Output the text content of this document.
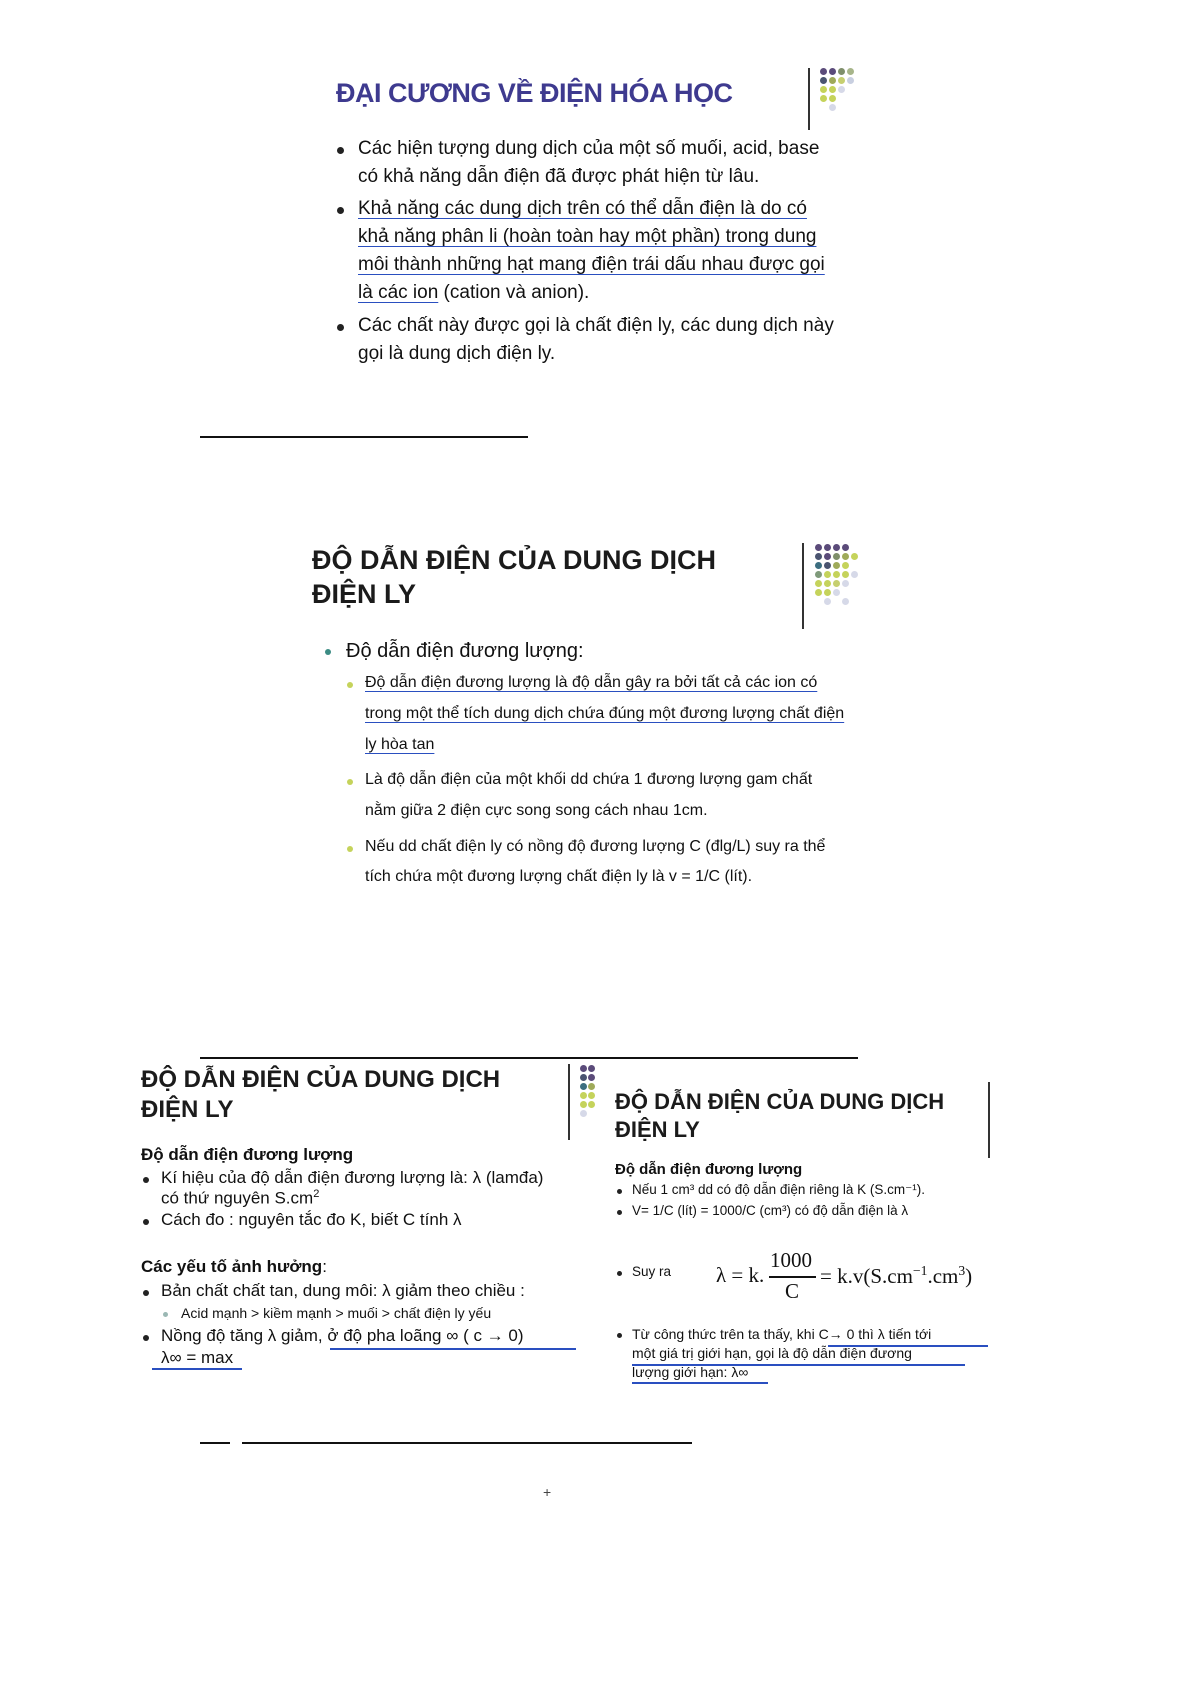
ĐẠI CƯƠNG VỀ ĐIỆN HÓA HỌC
Các hiện tượng dung dịch của một số muối, acid, base
có khả năng dẫn điện đã được phát hiện từ lâu.
Khả năng các dung dịch trên có thể dẫn điện là do có
khả năng phân li (hoàn toàn hay một phần) trong dung
môi thành những hạt mang điện trái dấu nhau được gọi
là các ion (cation và anion).
Các chất này được gọi là chất điện ly, các dung dịch này
gọi là dung dịch điện ly.
ĐỘ DẪN ĐIỆN CỦA DUNG DỊCH
ĐIỆN LY
Độ dẫn điện đương lượng:
Độ dẫn điện đương lượng là độ dẫn gây ra bởi tất cả các ion có
trong một thể tích dung dịch chứa đúng một đương lượng chất điện
ly hòa tan
Là độ dẫn điện của một khối dd chứa 1 đương lượng gam chất
nằm giữa 2 điện cực song song cách nhau 1cm.
Nếu dd chất điện ly có nồng độ đương lượng C (đlg/L) suy ra thể
tích chứa một đương lượng chất điện ly là v = 1/C (lít).
ĐỘ DẪN ĐIỆN CỦA DUNG DỊCH
ĐIỆN LY
Độ dẫn điện đương lượng
Kí hiệu của độ dẫn điện đương lượng là: λ (lamđa)
có thứ nguyên $S.cm^2$
Cách đo : nguyên tắc đo K, biết C tính λ
Các yếu tố ảnh hưởng:
Bản chất chất tan, dung môi: λ giảm theo chiều :
Acid mạnh > kiềm mạnh > muối > chất điện ly yếu
Nồng độ tăng λ giảm, ở độ pha loãng ∞ ( c → 0)
λ∞ = max
ĐỘ DẪN ĐIỆN CỦA DUNG DỊCH
ĐIỆN LY
Độ dẫn điện đương lượng
Nếu 1 cm³ dd có độ dẫn điện riêng là K (S.cm⁻¹).
V= 1/C (lít) = 1000/C (cm³) có độ dẫn điện là λ
Suy ra λ = k.
1000
C
= $k.v(S.cm^{-1}.cm^3)$
Từ công thức trên ta thấy, khi C→ 0 thì λ tiến tới
một giá trị giới hạn, gọi là độ dẫn điện đương
lượng giới hạn: λ∞
+
